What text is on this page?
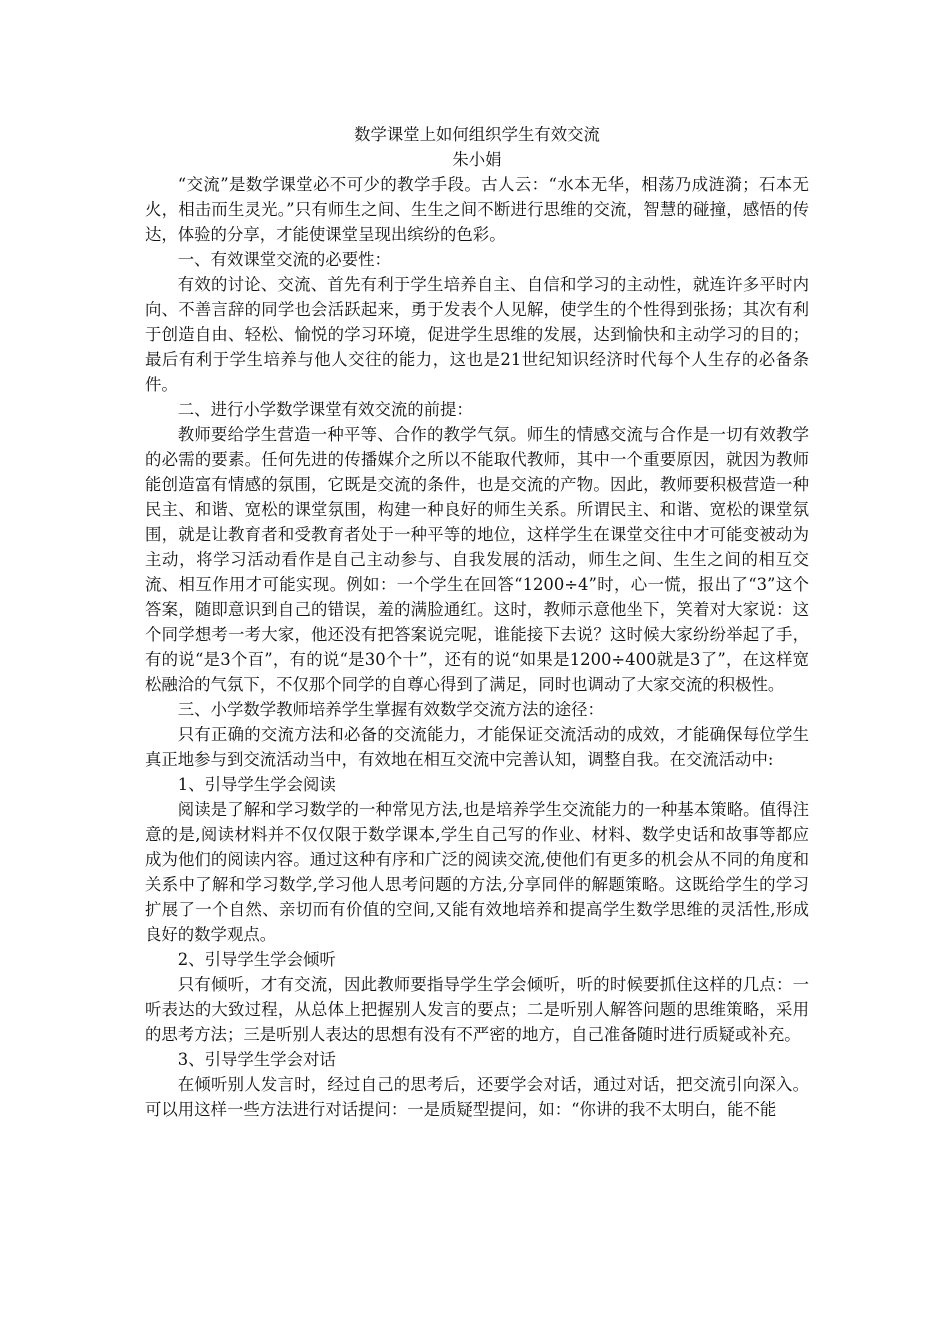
数学课堂上如何组织学生有效交流
朱小娟

“交流”是数学课堂必不可少的教学手段。古人云：“水本无华，相荡乃成涟漪；石本无火，相击而生灵光。”只有师生之间、生生之间不断进行思维的交流，智慧的碰撞，感悟的传达，体验的分享，才能使课堂呈现出缤纷的色彩。

一、有效课堂交流的必要性：

有效的讨论、交流、首先有利于学生培养自主、自信和学习的主动性，就连许多平时内向、不善言辞的同学也会活跃起来，勇于发表个人见解，使学生的个性得到张扬；其次有利于创造自由、轻松、愉悦的学习环境，促进学生思维的发展，达到愉快和主动学习的目的；最后有利于学生培养与他人交往的能力，这也是21世纪知识经济时代每个人生存的必备条件。

二、进行小学数学课堂有效交流的前提：

教师要给学生营造一种平等、合作的教学气氛。师生的情感交流与合作是一切有效教学的必需的要素。任何先进的传播媒介之所以不能取代教师，其中一个重要原因，就因为教师能创造富有情感的氛围，它既是交流的条件，也是交流的产物。因此，教师要积极营造一种民主、和谐、宽松的课堂氛围，构建一种良好的师生关系。所谓民主、和谐、宽松的课堂氛围，就是让教育者和受教育者处于一种平等的地位，这样学生在课堂交往中才可能变被动为主动，将学习活动看作是自己主动参与、自我发展的活动，师生之间、生生之间的相互交流、相互作用才可能实现。例如：一个学生在回答“1200÷4”时，心一慌，报出了“3”这个答案，随即意识到自己的错误，羞的满脸通红。这时，教师示意他坐下，笑着对大家说：这个同学想考一考大家，他还没有把答案说完呢，谁能接下去说？这时候大家纷纷举起了手，有的说“是3个百”，有的说“是30个十”，还有的说“如果是1200÷400就是3了”，在这样宽松融洽的气氛下，不仅那个同学的自尊心得到了满足，同时也调动了大家交流的积极性。

三、小学数学教师培养学生掌握有效数学交流方法的途径：

只有正确的交流方法和必备的交流能力，才能保证交流活动的成效，才能确保每位学生真正地参与到交流活动当中，有效地在相互交流中完善认知，调整自我。在交流活动中:

1、引导学生学会阅读

阅读是了解和学习数学的一种常见方法,也是培养学生交流能力的一种基本策略。值得注意的是,阅读材料并不仅仅限于数学课本,学生自己写的作业、材料、数学史话和故事等都应成为他们的阅读内容。通过这种有序和广泛的阅读交流,使他们有更多的机会从不同的角度和关系中了解和学习数学,学习他人思考问题的方法,分享同伴的解题策略。这既给学生的学习扩展了一个自然、亲切而有价值的空间,又能有效地培养和提高学生数学思维的灵活性,形成良好的数学观点。

2、引导学生学会倾听

只有倾听，才有交流，因此教师要指导学生学会倾听，听的时候要抓住这样的几点：一听表达的大致过程，从总体上把握别人发言的要点；二是听别人解答问题的思维策略，采用的思考方法；三是听别人表达的思想有没有不严密的地方，自己准备随时进行质疑或补充。

3、引导学生学会对话

在倾听别人发言时，经过自己的思考后，还要学会对话，通过对话，把交流引向深入。可以用这样一些方法进行对话提问：一是质疑型提问，如：“你讲的我不太明白，能不能
